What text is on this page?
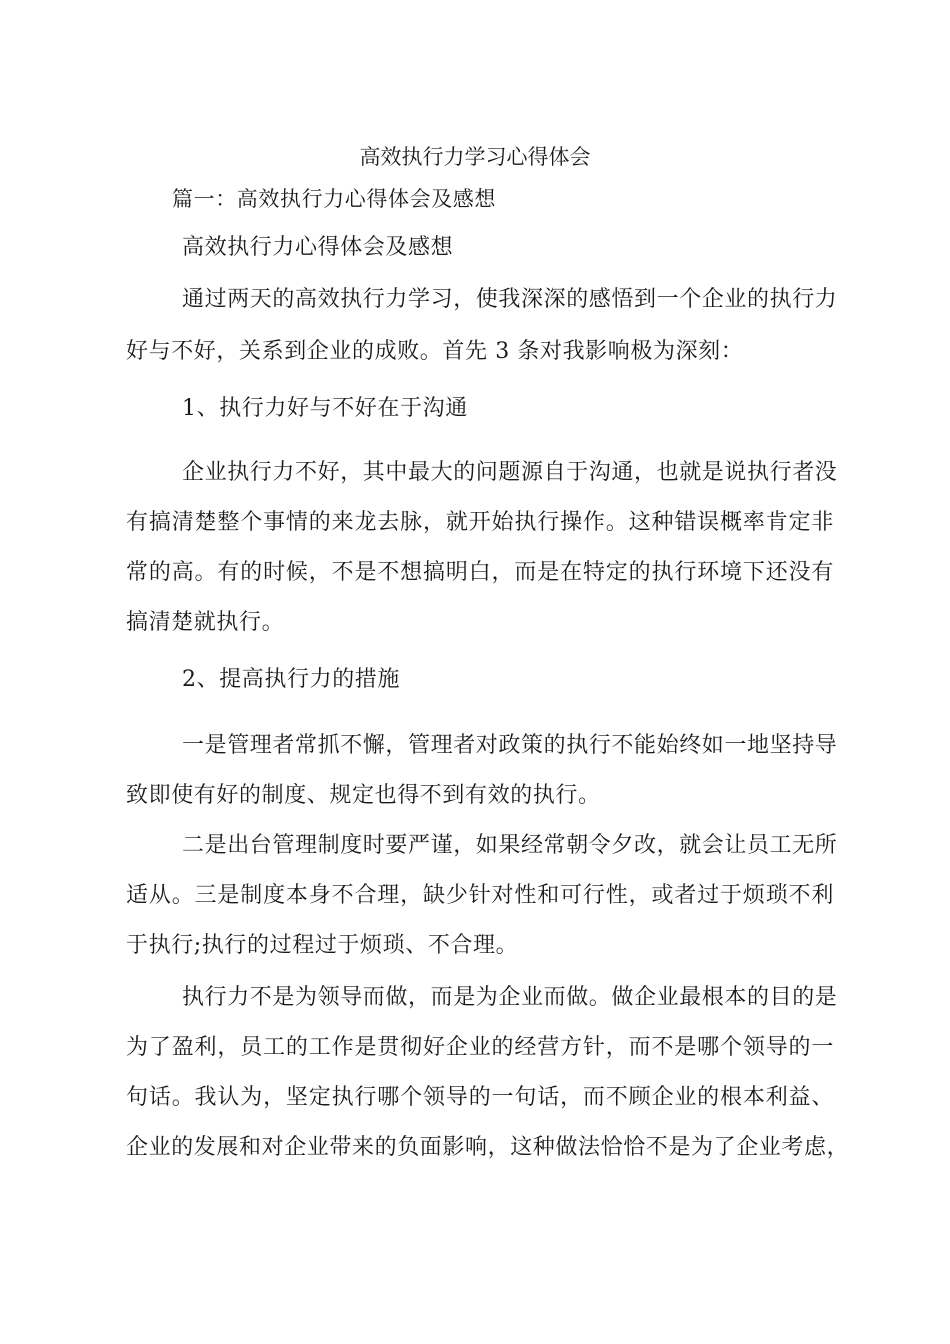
高效执行力学习心得体会
篇一：高效执行力心得体会及感想
高效执行力心得体会及感想
通过两天的高效执行力学习，使我深深的感悟到一个企业的执行力
好与不好，关系到企业的成败。首先 3 条对我影响极为深刻：
1、执行力好与不好在于沟通
企业执行力不好，其中最大的问题源自于沟通，也就是说执行者没
有搞清楚整个事情的来龙去脉，就开始执行操作。这种错误概率肯定非
常的高。有的时候，不是不想搞明白，而是在特定的执行环境下还没有
搞清楚就执行。
2、提高执行力的措施
一是管理者常抓不懈，管理者对政策的执行不能始终如一地坚持导
致即使有好的制度、规定也得不到有效的执行。
二是出台管理制度时要严谨，如果经常朝令夕改，就会让员工无所
适从。三是制度本身不合理，缺少针对性和可行性，或者过于烦琐不利
于执行;执行的过程过于烦琐、不合理。
执行力不是为领导而做，而是为企业而做。做企业最根本的目的是
为了盈利，员工的工作是贯彻好企业的经营方针，而不是哪个领导的一
句话。我认为，坚定执行哪个领导的一句话，而不顾企业的根本利益、
企业的发展和对企业带来的负面影响，这种做法恰恰不是为了企业考虑，
